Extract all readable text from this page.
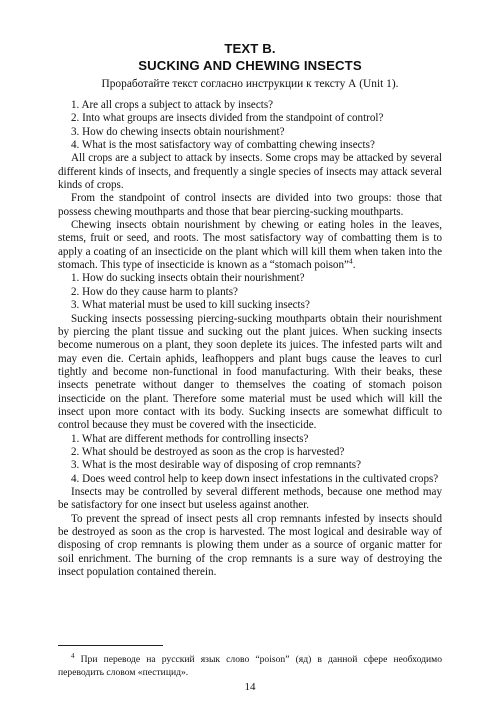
TEXT B.
SUCKING AND CHEWING INSECTS
Проработайте текст согласно инструкции к тексту А (Unit 1).

1. Are all crops a subject to attack by insects?

2. Into what groups are insects divided from the standpoint of control?

3. How do chewing insects obtain nourishment?

4. What is the most satisfactory way of combatting chewing insects?

All crops are a subject to attack by insects. Some crops may be attacked by several different kinds of insects, and frequently a single species of insects may attack several kinds of crops.

From the standpoint of control insects are divided into two groups: those that possess chewing mouthparts and those that bear piercing-sucking mouthparts.

Chewing insects obtain nourishment by chewing or eating holes in the leaves, stems, fruit or seed, and roots. The most satisfactory way of combatting them is to apply a coating of an insecticide on the plant which will kill them when taken into the stomach. This type of insecticide is known as a “stomach poison”$^4$.

1. How do sucking insects obtain their nourishment?

2. How do they cause harm to plants?

3. What material must be used to kill sucking insects?

Sucking insects possessing piercing-sucking mouthparts obtain their nourishment by piercing the plant tissue and sucking out the plant juices. When sucking insects become numerous on a plant, they soon deplete its juices. The infested parts wilt and may even die. Certain aphids, leafhoppers and plant bugs cause the leaves to curl tightly and become non-functional in food manufacturing. With their beaks, these insects penetrate without danger to themselves the coating of stomach poison insecticide on the plant. Therefore some material must be used which will kill the insect upon more contact with its body. Sucking insects are somewhat difficult to control because they must be covered with the insecticide.

1. What are different methods for controlling insects?

2. What should be destroyed as soon as the crop is harvested?

3. What is the most desirable way of disposing of crop remnants?

4. Does weed control help to keep down insect infestations in the cultivated crops?

Insects may be controlled by several different methods, because one method may be satisfactory for one insect but useless against another.

To prevent the spread of insect pests all crop remnants infested by insects should be destroyed as soon as the crop is harvested. The most logical and desirable way of disposing of crop remnants is plowing them under as a source of organic matter for soil enrichment. The burning of the crop remnants is a sure way of destroying the insect population contained therein.

$^4$ При переводе на русский язык слово “poison” (яд) в данной сфере необходимо переводить словом «пестицид».

14
